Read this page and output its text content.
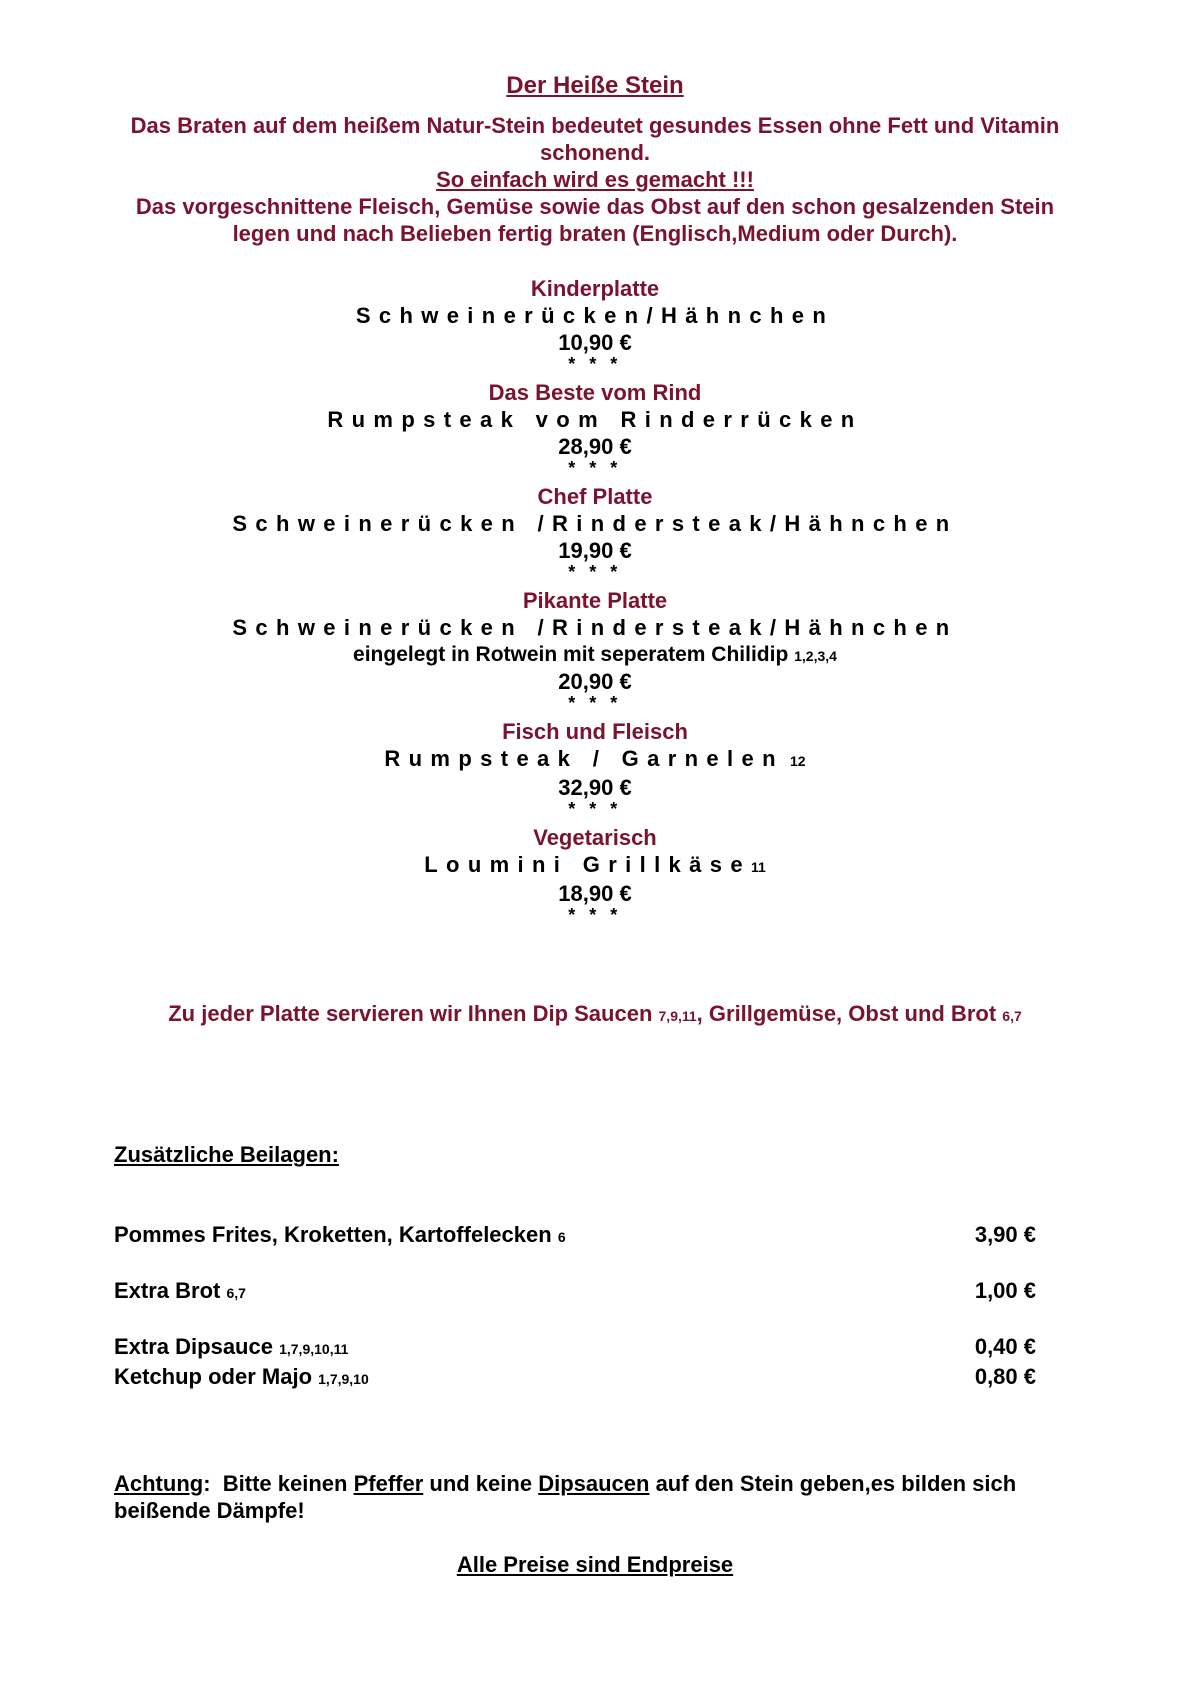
Der Heiße Stein
Das Braten auf dem heißem Natur-Stein bedeutet gesundes Essen ohne Fett und Vitamin schonend.
So einfach wird es gemacht !!!
Das vorgeschnittene Fleisch, Gemüse sowie das Obst auf den schon gesalzenden Stein legen und nach Belieben fertig braten (Englisch,Medium oder Durch).
Kinderplatte
Schweinerücken/Hähnchen
10,90 €
* * *
Das Beste vom Rind
Rumpsteak vom Rinderrücken
28,90 €
* * *
Chef Platte
Schweinerücken /Rindersteak/Hähnchen
19,90 €
* * *
Pikante Platte
Schweinerücken /Rindersteak/Hähnchen
eingelegt in Rotwein mit seperatem Chilidip 1,2,3,4
20,90 €
* * *
Fisch und Fleisch
Rumpsteak / Garnelen 12
32,90 €
* * *
Vegetarisch
Loumini Grillkäse11
18,90 €
* * *
Zu jeder Platte servieren wir Ihnen Dip Saucen 7,9,11, Grillgemüse, Obst und Brot 6,7
Zusätzliche Beilagen:
Pommes Frites, Kroketten, Kartoffelecken 6	3,90 €
Extra Brot 6,7	1,00 €
Extra Dipsauce 1,7,9,10,11	0,40 €
Ketchup oder Majo 1,7,9,10	0,80 €
Achtung:  Bitte keinen Pfeffer und keine Dipsaucen auf den Stein geben,es bilden sich beißende Dämpfe!
Alle Preise sind Endpreise
